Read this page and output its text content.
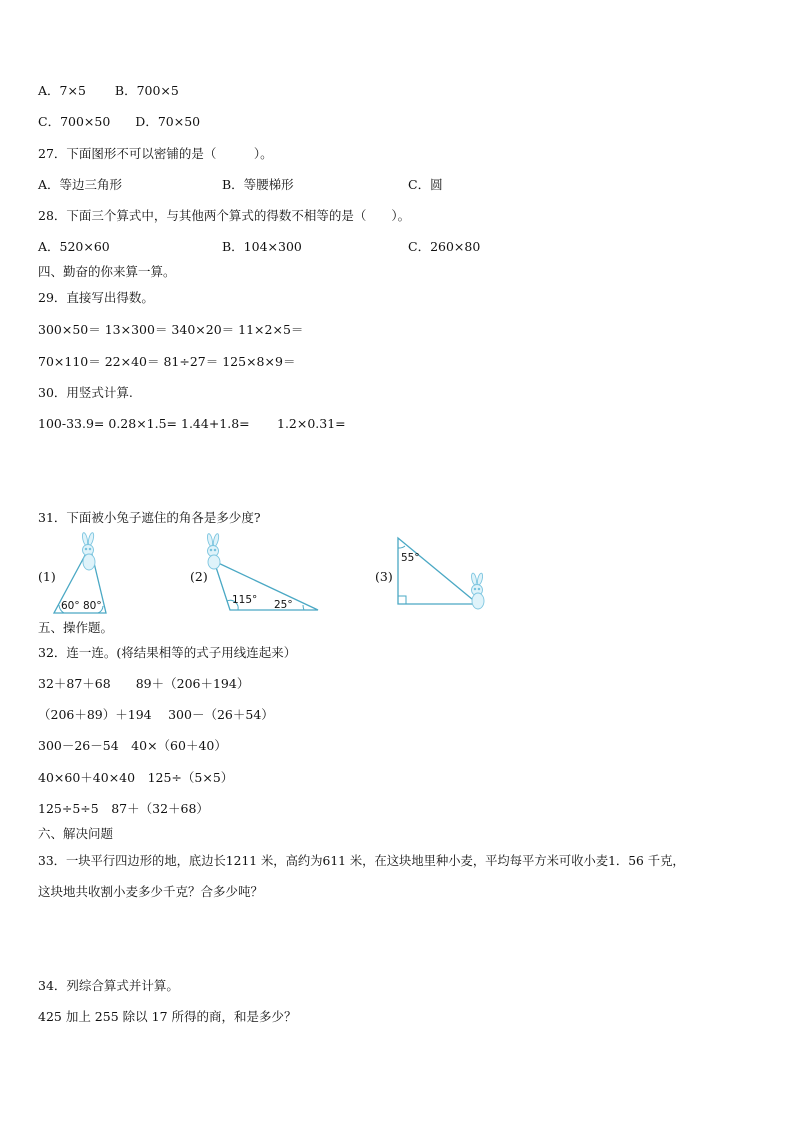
A．7×5　　 B．700×5
C．700×50　　D．70×50
27．下面图形不可以密铺的是（　　　）。
A．等边三角形	B．等腰梯形	C．圆
28．下面三个算式中，与其他两个算式的得数不相等的是（　　）。
A．520×60	B．104×300	C．260×80
四、勤奋的你来算一算。
29．直接写出得数。
300×50＝ 13×300＝ 340×20＝ 11×2×5＝
70×110＝ 22×40＝ 81÷27＝ 125×8×9＝
30．用竖式计算.
100-33.9= 0.28×1.5= 1.44+1.8= 1.2×0.31=
31．下面被小兔子遮住的角各是多少度?
(1)	(2)	(3)
60° 80°	115° 25°
55°
五、操作题。
32．连一连。(将结果相等的式子用线连起来）
32＋87＋68　　89＋（206＋194）
（206＋89）＋194　 300－（26＋54）
300－26－54　40×（60＋40）
40×60＋40×40　125÷（5×5）
125÷5÷5　87＋（32＋68）
六、解决问题
33．一块平行四边形的地，底边长1211 米，高约为611 米，在这块地里种小麦，平均每平方米可收小麦1．56 千克，
这块地共收割小麦多少千克？合多少吨？
34．列综合算式并计算。
425 加上 255 除以 17 所得的商，和是多少？
